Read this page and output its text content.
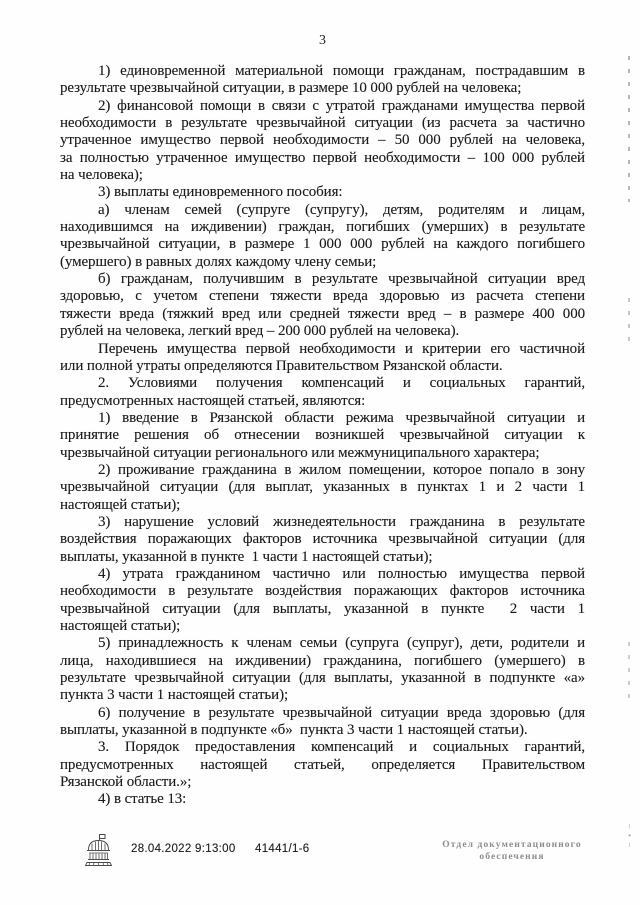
3
1) единовременной материальной помощи гражданам, пострадавшим в
результате чрезвычайной ситуации, в размере 10 000 рублей на человека;
2) финансовой помощи в связи с утратой гражданами имущества первой
необходимости в результате чрезвычайной ситуации (из расчета за частично
утраченное имущество первой необходимости – 50 000 рублей на человека,
за полностью утраченное имущество первой необходимости – 100 000 рублей
на человека);
3) выплаты единовременного пособия:
а) членам семей (супруге (супругу), детям, родителям и лицам,
находившимся на иждивении) граждан, погибших (умерших) в результате
чрезвычайной ситуации, в размере 1 000 000 рублей на каждого погибшего
(умершего) в равных долях каждому члену семьи;
б) гражданам, получившим в результате чрезвычайной ситуации вред
здоровью, с учетом степени тяжести вреда здоровью из расчета степени
тяжести вреда (тяжкий вред или средней тяжести вред – в размере 400 000
рублей на человека, легкий вред – 200 000 рублей на человека).
Перечень имущества первой необходимости и критерии его частичной
или полной утраты определяются Правительством Рязанской области.
2. Условиями получения компенсаций и социальных гарантий,
предусмотренных настоящей статьей, являются:
1) введение в Рязанской области режима чрезвычайной ситуации и
принятие решения об отнесении возникшей чрезвычайной ситуации к
чрезвычайной ситуации регионального или межмуниципального характера;
2) проживание гражданина в жилом помещении, которое попало в зону
чрезвычайной ситуации (для выплат, указанных в пунктах 1 и 2 части 1
настоящей статьи);
3) нарушение условий жизнедеятельности гражданина в результате
воздействия поражающих факторов источника чрезвычайной ситуации (для
выплаты, указанной в пункте  1 части 1 настоящей статьи);
4) утрата гражданином частично или полностью имущества первой
необходимости в результате воздействия поражающих факторов источника
чрезвычайной ситуации (для выплаты, указанной в пункте  2 части 1
настоящей статьи);
5) принадлежность к членам семьи (супруга (супруг), дети, родители и
лица, находившиеся на иждивении) гражданина, погибшего (умершего) в
результате чрезвычайной ситуации (для выплаты, указанной в подпункте «а»
пункта 3 части 1 настоящей статьи);
6) получение в результате чрезвычайной ситуации вреда здоровью (для
выплаты, указанной в подпункте «б»  пункта 3 части 1 настоящей статьи).
3. Порядок предоставления компенсаций и социальных гарантий,
предусмотренных настоящей статьей, определяется Правительством
Рязанской области.»;
4) в статье 13:
28.04.2022 9:13:00 41441/1-6	Отдел документационного
обеспечения
– • –
